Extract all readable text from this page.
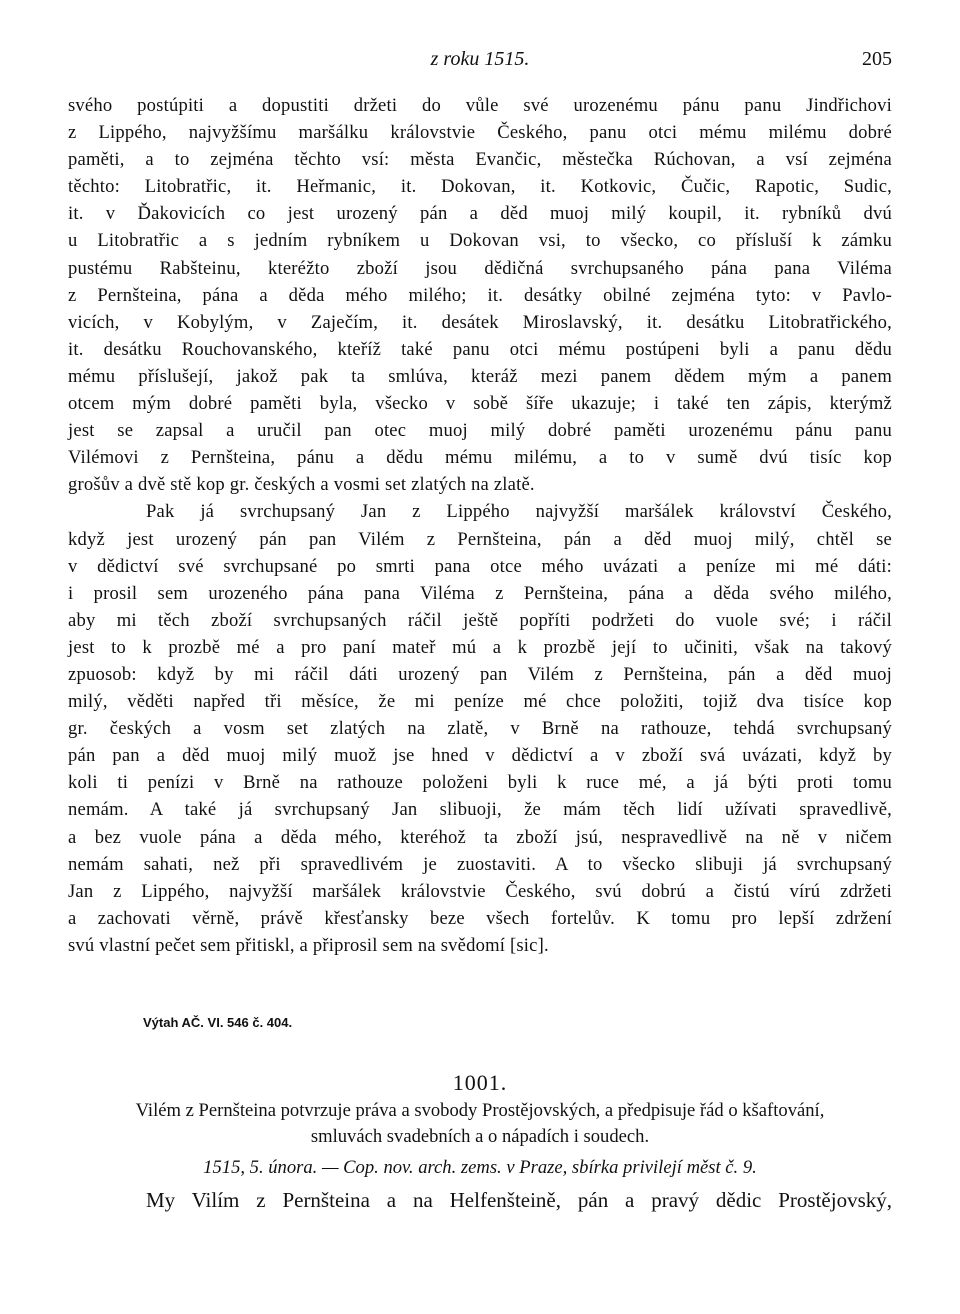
z roku 1515.	205
svého postúpiti a dopustiti držeti do vůle své urozenému pánu panu Jindřichovi
z Lippého, najvyžšímu maršálku královstvie Českého, panu otci mému milému dobré
paměti, a to zejména těchto vsí: města Evančic, městečka Rúchovan, a vsí zejména
těchto: Litobratřic, it. Heřmanic, it. Dokovan, it. Kotkovic, Čučic, Rapotic, Sudic,
it. v Ďakovicích co jest urozený pán a děd muoj milý koupil, it. rybníků dvú
u Litobratřic a s jedním rybníkem u Dokovan vsi, to všecko, co přísluší k zámku
pustému Rabšteinu, kteréžto zboží jsou dědičná svrchupsaného pána pana Viléma
z Pernšteina, pána a děda mého milého; it. desátky obilné zejména tyto: v Pavlo-
vicích, v Kobylým, v Zaječím, it. desátek Miroslavský, it. desátku Litobratřického,
it. desátku Rouchovanského, kteříž také panu otci mému postúpeni byli a panu dědu
mému příslušejí, jakož pak ta smlúva, kteráž mezi panem dědem mým a panem
otcem mým dobré paměti byla, všecko v sobě šíře ukazuje; i také ten zápis, kterýmž
jest se zapsal a uručil pan otec muoj milý dobré paměti urozenému pánu panu
Vilémovi z Pernšteina, pánu a dědu mému milému, a to v sumě dvú tisíc kop
grošův a dvě stě kop gr. českých a vosmi set zlatých na zlatě.
Pak já svrchupsaný Jan z Lippého najvyžší maršálek království Českého,
když jest urozený pán pan Vilém z Pernšteina, pán a děd muoj milý, chtěl se
v dědictví své svrchupsané po smrti pana otce mého uvázati a peníze mi mé dáti:
i prosil sem urozeného pána pana Viléma z Pernšteina, pána a děda svého milého,
aby mi těch zboží svrchupsaných ráčil ještě popříti podržeti do vuole své; i ráčil
jest to k prozbě mé a pro paní mateř mú a k prozbě její to učiniti, však na takový
zpuosob: když by mi ráčil dáti urozený pan Vilém z Pernšteina, pán a děd muoj
milý, věděti napřed tři měsíce, že mi peníze mé chce položiti, tojiž dva tisíce kop
gr. českých a vosm set zlatých na zlatě, v Brně na rathouze, tehdá svrchupsaný
pán pan a děd muoj milý muož jse hned v dědictví a v zboží svá uvázati, když by
koli ti penízi v Brně na rathouze položeni byli k ruce mé, a já býti proti tomu
nemám. A také já svrchupsaný Jan slibuoji, že mám těch lidí užívati spravedlivě,
a bez vuole pána a děda mého, kteréhož ta zboží jsú, nespravedlivě na ně v ničem
nemám sahati, než při spravedlivém je zuostaviti. A to všecko slibuji já svrchupsaný
Jan z Lippého, najvyžší maršálek královstvie Českého, svú dobrú a čistú vírú zdržeti
a zachovati věrně, právě křesťansky beze všech fortelův. K tomu pro lepší zdržení
svú vlastní pečet sem přitiskl, a připrosil sem na svědomí [sic].
Výtah AČ. VI. 546 č. 404.
1001.
Vilém z Pernšteina potvrzuje práva a svobody Prostějovských, a předpisuje řád o kšaftování,
smluvách svadebních a o nápadích i soudech.
1515, 5. února. — Cop. nov. arch. zems. v Praze, sbírka privilejí měst č. 9.
My Vilím z Pernšteina a na Helfenšteině, pán a pravý dědic Prostějovský,
